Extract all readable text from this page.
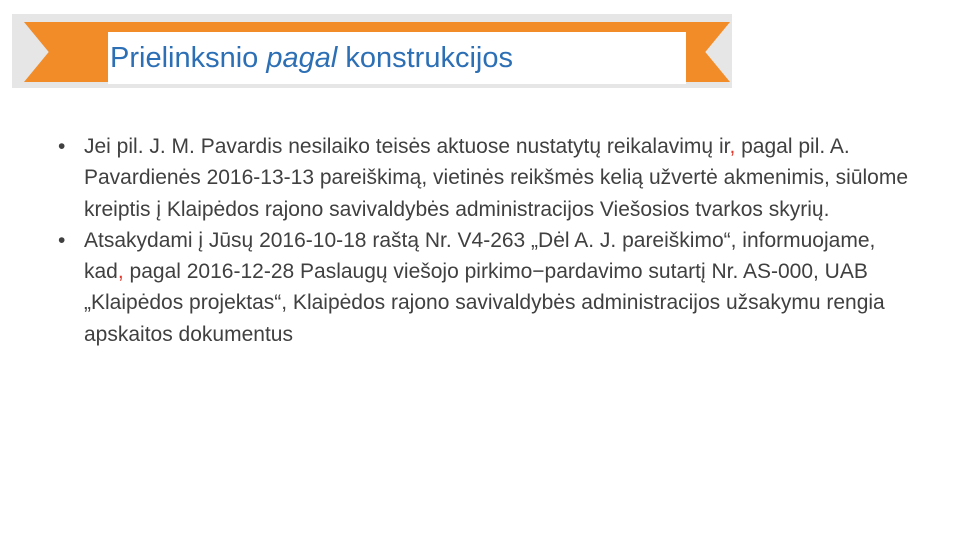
Prielinksnio pagal konstrukcijos

• Jei pil. J. M. Pavardis nesilaiko teisės aktuose nustatytų reikalavimų ir, pagal pil. A. Pavardienės 2016-13-13 pareiškimą, vietinės reikšmės kelią užvertė akmenimis, siūlome kreiptis į Klaipėdos rajono savivaldybės administracijos Viešosios tvarkos skyrių.

• Atsakydami į Jūsų 2016-10-18 raštą Nr. V4-263 „Dėl A. J. pareiškimo“, informuojame, kad, pagal 2016-12-28 Paslaugų viešojo pirkimo−pardavimo sutartį Nr. AS-000, UAB „Klaipėdos projektas“, Klaipėdos rajono savivaldybės administracijos užsakymu rengia apskaitos dokumentus
